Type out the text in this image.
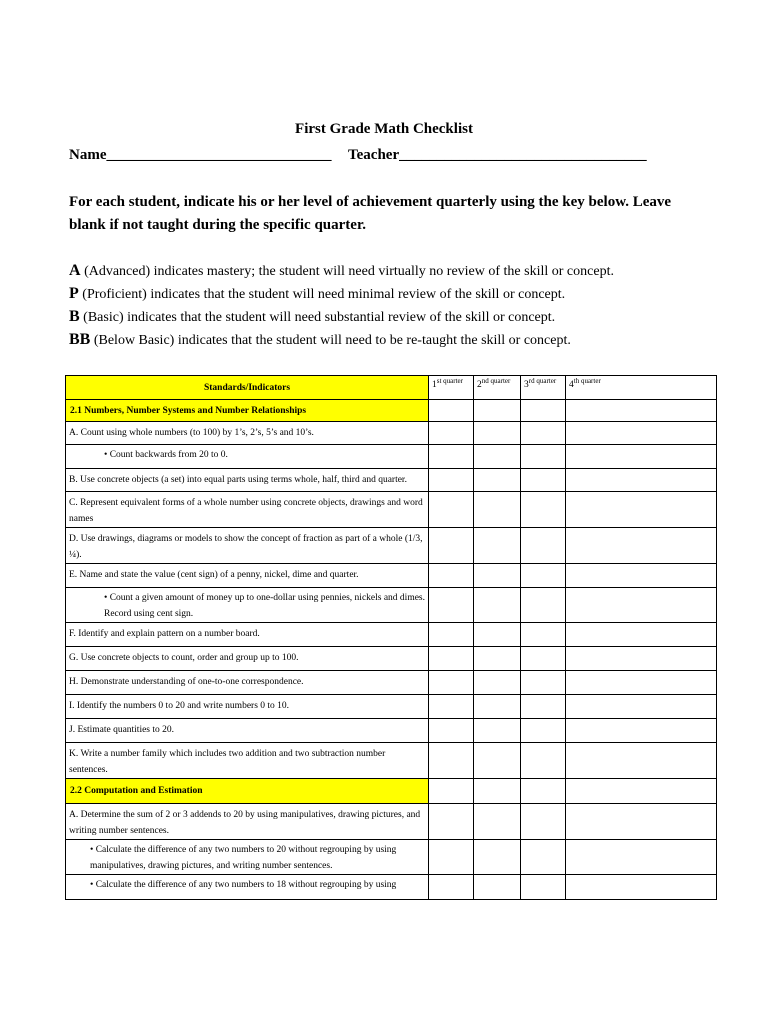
First Grade Math Checklist
Name______________________________ Teacher_________________________________
For each student, indicate his or her level of achievement quarterly using the key below. Leave blank if not taught during the specific quarter.
A (Advanced) indicates mastery; the student will need virtually no review of the skill or concept.
P (Proficient) indicates that the student will need minimal review of the skill or concept.
B (Basic) indicates that the student will need substantial review of the skill or concept.
BB (Below Basic) indicates that the student will need to be re-taught the skill or concept.
Standards/Indicators	1st $^{quarter}$	2nd $^{quarter}$	3rd $^{quarter}$	4th $^{quarter}$
2.1 Numbers, Number Systems and Number Relationships				
A. Count using whole numbers (to 100) by 1’s, 2’s, 5’s and 10’s.				
• Count backwards from 20 to 0.				
B. Use concrete objects (a set) into equal parts using terms whole, half, third and quarter.				
C. Represent equivalent forms of a whole number using concrete objects, drawings and word names				
D. Use drawings, diagrams or models to show the concept of fraction as part of a whole (1/3, ¼).				
E. Name and state the value (cent sign) of a penny, nickel, dime and quarter.				
• Count a given amount of money up to one-dollar using pennies, nickels and dimes. Record using cent sign.				
F. Identify and explain pattern on a number board.				
G. Use concrete objects to count, order and group up to 100.				
H. Demonstrate understanding of one-to-one correspondence.				
I. Identify the numbers 0 to 20 and write numbers 0 to 10.				
J. Estimate quantities to 20.				
K. Write a number family which includes two addition and two subtraction number sentences.				
2.2 Computation and Estimation				
A. Determine the sum of 2 or 3 addends to 20 by using manipulatives, drawing pictures, and writing number sentences.				
• Calculate the difference of any two numbers to 20 without regrouping by using manipulatives, drawing pictures, and writing number sentences.				
• Calculate the difference of any two numbers to 18 without regrouping by using				
